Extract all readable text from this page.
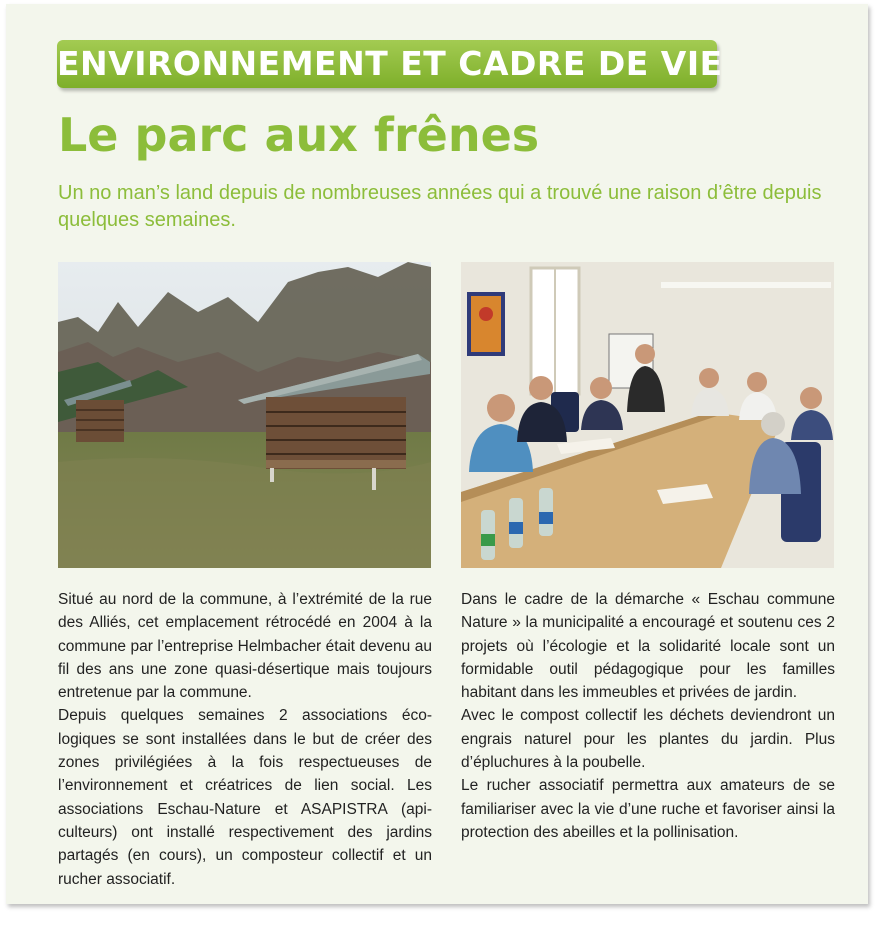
ENVIRONNEMENT ET CADRE DE VIE
Le parc aux frênes
Un no man’s land depuis de nombreuses années qui a trouvé une raison d’être depuis quelques semaines.

Situé au nord de la commune, à l’extrémité de la rue des Alliés, cet emplacement rétrocédé en 2004 à la commune par l’entreprise Helmbacher était devenu au fil des ans une zone quasi-désertique mais toujours entretenue par la commune.

Depuis quelques semaines 2 associations écologiques se sont installées dans le but de créer des zones privilégiées à la fois respectueuses de l’environnement et créatrices de lien social. Les associations Eschau-Nature et ASAPISTRA (apiculteurs) ont installé respectivement des jardins partagés (en cours), un composteur collectif et un rucher associatif.

Dans le cadre de la démarche « Eschau commune Nature » la municipalité a encouragé et soutenu ces 2 projets où l’écologie et la solidarité locale sont un formidable outil pédagogique pour les familles habitant dans les immeubles et privées de jardin.

Avec le compost collectif les déchets deviendront un engrais naturel pour les plantes du jardin. Plus d’épluchures à la poubelle.

Le rucher associatif permettra aux amateurs de se familiariser avec la vie d’une ruche et favoriser ainsi la protection des abeilles et la pollinisation.
